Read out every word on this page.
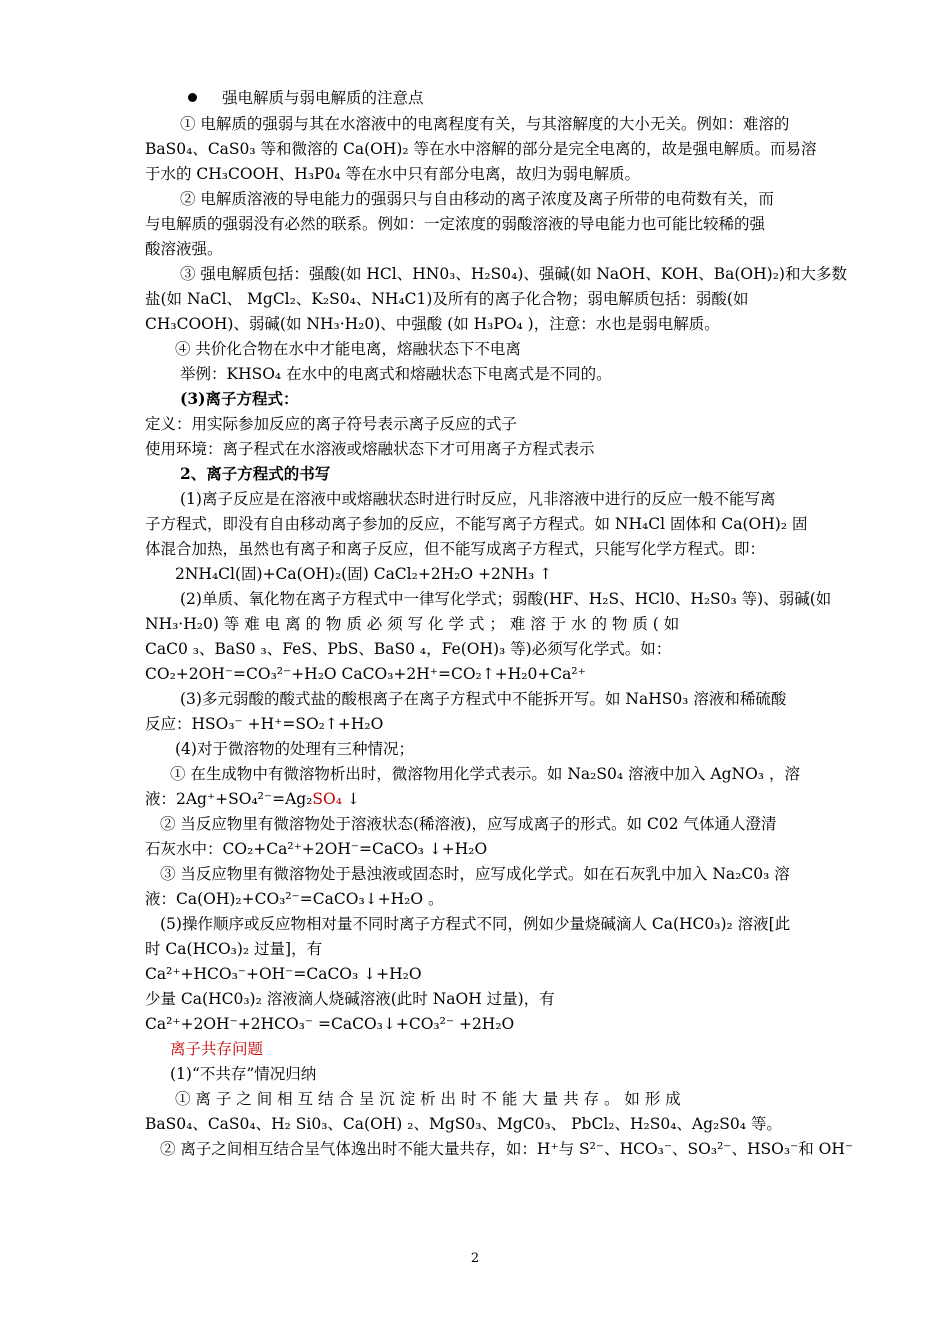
强电解质与弱电解质的注意点
① 电解质的强弱与其在水溶液中的电离程度有关，与其溶解度的大小无关。例如：难溶的
BaS0₄、CaS0₃ 等和微溶的 Ca(OH)₂ 等在水中溶解的部分是完全电离的，故是强电解质。而易溶
于水的 CH₃COOH、H₃P0₄ 等在水中只有部分电离，故归为弱电解质。
② 电解质溶液的导电能力的强弱只与自由移动的离子浓度及离子所带的电荷数有关，而
与电解质的强弱没有必然的联系。例如：一定浓度的弱酸溶液的导电能力也可能比较稀的强
酸溶液强。
③ 强电解质包括：强酸(如 HCl、HN0₃、H₂S0₄)、强碱(如 NaOH、KOH、Ba(OH)₂)和大多数
盐(如 NaCl、 MgCl₂、K₂S0₄、NH₄C1)及所有的离子化合物；弱电解质包括：弱酸(如
CH₃COOH)、弱碱(如 NH₃·H₂0)、中强酸 (如 H₃PO₄ )，注意：水也是弱电解质。
④ 共价化合物在水中才能电离，熔融状态下不电离
举例：KHSO₄ 在水中的电离式和熔融状态下电离式是不同的。
(3)离子方程式：
定义：用实际参加反应的离子符号表示离子反应的式子
使用环境：离子程式在水溶液或熔融状态下才可用离子方程式表示
2、离子方程式的书写
(1)离子反应是在溶液中或熔融状态时进行时反应，凡非溶液中进行的反应一般不能写离
子方程式，即没有自由移动离子参加的反应，不能写离子方程式。如 NH₄Cl 固体和 Ca(OH)₂ 固
体混合加热，虽然也有离子和离子反应，但不能写成离子方程式，只能写化学方程式。即：
2NH₄Cl(固)+Ca(OH)₂(固) CaCl₂+2H₂O +2NH₃ ↑
(2)单质、氧化物在离子方程式中一律写化学式；弱酸(HF、H₂S、HCl0、H₂S0₃ 等)、弱碱(如
NH₃·H₂0) 等 难 电 离 的 物 质 必 须 写 化 学 式 ； 难 溶 于 水 的 物 质 ( 如
CaC0 ₃、BaS0 ₃、FeS、PbS、BaS0 ₄，Fe(OH)₃ 等)必须写化学式。如：
CO₂+2OH⁻=CO₃²⁻+H₂O CaCO₃+2H⁺=CO₂↑+H₂0+Ca²⁺
(3)多元弱酸的酸式盐的酸根离子在离子方程式中不能拆开写。如 NaHS0₃ 溶液和稀硫酸
反应：HSO₃⁻ +H⁺=SO₂↑+H₂O
(4)对于微溶物的处理有三种情况；
① 在生成物中有微溶物析出时，微溶物用化学式表示。如 Na₂S0₄ 溶液中加入 AgNO₃ ，溶
液：2Ag⁺+SO₄²⁻=Ag₂SO₄ ↓
② 当反应物里有微溶物处于溶液状态(稀溶液)，应写成离子的形式。如 C02 气体通人澄清
石灰水中：CO₂+Ca²⁺+2OH⁻=CaCO₃ ↓+H₂O
③ 当反应物里有微溶物处于悬浊液或固态时，应写成化学式。如在石灰乳中加入 Na₂C0₃ 溶
液：Ca(OH)₂+CO₃²⁻=CaCO₃↓+H₂O 。
(5)操作顺序或反应物相对量不同时离子方程式不同，例如少量烧碱滴人 Ca(HC0₃)₂ 溶液[此
时 Ca(HCO₃)₂ 过量]，有
Ca²⁺+HCO₃⁻+OH⁻=CaCO₃ ↓+H₂O
少量 Ca(HC0₃)₂ 溶液滴人烧碱溶液(此时 NaOH 过量)，有
Ca²⁺+2OH⁻+2HCO₃⁻ =CaCO₃↓+CO₃²⁻ +2H₂O
离子共存问题
(1)“不共存”情况归纳
① 离 子 之 间 相 互 结 合 呈 沉 淀 析 出 时 不 能 大 量 共 存 。 如 形 成
BaS0₄、CaS0₄、H₂ Si0₃、Ca(OH) ₂、MgS0₃、MgC0₃、 PbCl₂、H₂S0₄、Ag₂S0₄ 等。
② 离子之间相互结合呈气体逸出时不能大量共存，如：H⁺与 S²⁻、HCO₃⁻、SO₃²⁻、HSO₃⁻和 OH⁻
2
